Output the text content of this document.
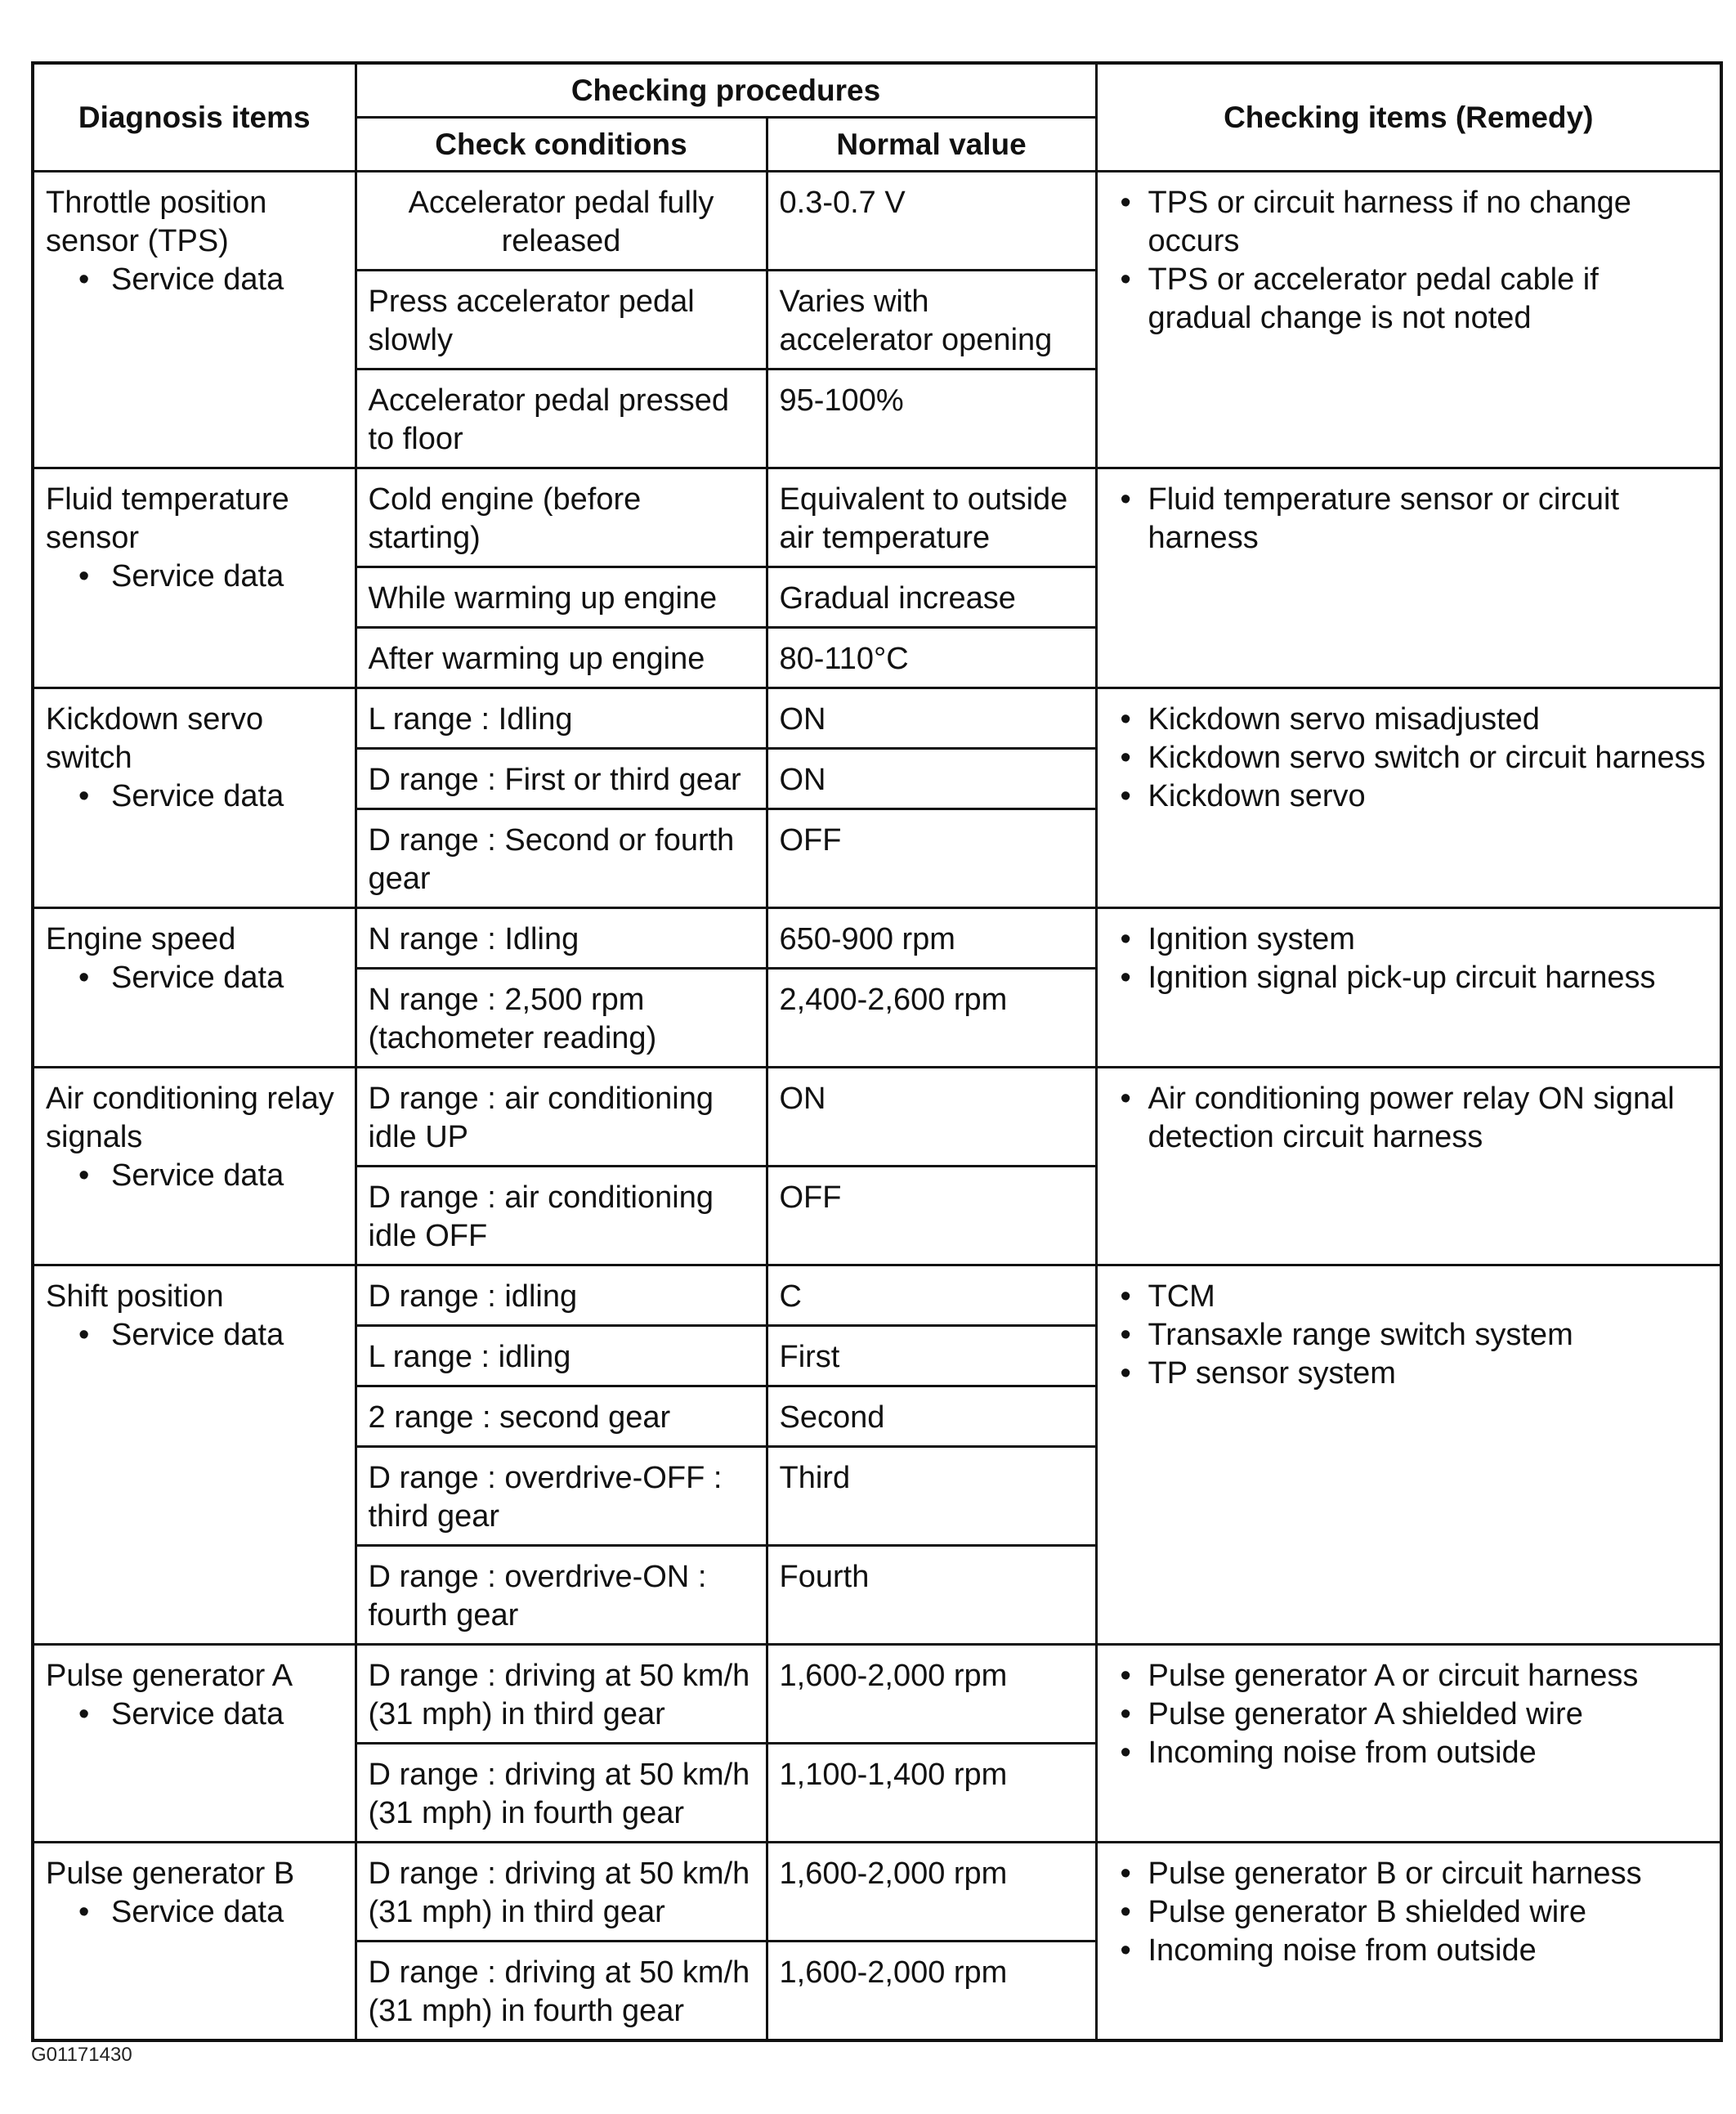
Diagnosis items	Checking procedures		Checking items (Remedy)
	Check conditions	Normal value	

Throttle position sensor (TPS)
• Service data	Accelerator pedal fully released	0.3-0.7 V	• TPS or circuit harness if no change occurs
• TPS or accelerator pedal cable if gradual change is not noted

	Press accelerator pedal slowly	Varies with accelerator opening	
	Accelerator pedal pressed to floor	95-100%	

Fluid temperature sensor
• Service data	Cold engine (before starting)	Equivalent to outside air temperature	• Fluid temperature sensor or circuit harness

	While warming up engine	Gradual increase	
	After warming up engine	80-110°C	

Kickdown servo switch
• Service data	L range : Idling	ON	• Kickdown servo misadjusted
• Kickdown servo switch or circuit harness
• Kickdown servo

	D range : First or third gear	ON	
	D range : Second or fourth gear	OFF	

Engine speed
• Service data	N range : Idling	650-900 rpm	• Ignition system
• Ignition signal pick-up circuit harness

	N range : 2,500 rpm (tachometer reading)	2,400-2,600 rpm	

Air conditioning relay signals
• Service data	D range : air conditioning idle UP	ON	• Air conditioning power relay ON signal detection circuit harness

	D range : air conditioning idle OFF	OFF	

Shift position
• Service data	D range : idling	C	• TCM
• Transaxle range switch system
• TP sensor system

	L range : idling	First	
	2 range : second gear	Second	
	D range : overdrive-OFF : third gear	Third	
	D range : overdrive-ON : fourth gear	Fourth	

Pulse generator A
• Service data	D range : driving at 50 km/h (31 mph) in third gear	1,600-2,000 rpm	• Pulse generator A or circuit harness
• Pulse generator A shielded wire
• Incoming noise from outside

	D range : driving at 50 km/h (31 mph) in fourth gear	1,100-1,400 rpm	

Pulse generator B
• Service data	D range : driving at 50 km/h (31 mph) in third gear	1,600-2,000 rpm	• Pulse generator B or circuit harness
• Pulse generator B shielded wire
• Incoming noise from outside

	D range : driving at 50 km/h (31 mph) in fourth gear	1,600-2,000 rpm	
G01171430
